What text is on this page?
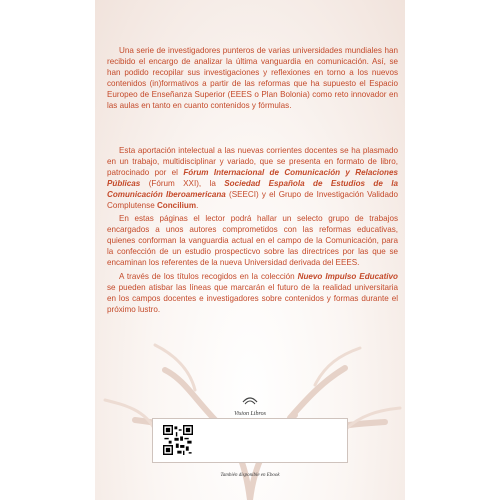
Una serie de investigadores punteros de varias universidades mundiales han recibido el encargo de analizar la última vanguardia en comunicación. Así, se han podido recopilar sus investigaciones y reflexiones en torno a los nuevos contenidos (in)formativos a partir de las reformas que ha supuesto el Espacio Europeo de Enseñanza Superior (EEES o Plan Bolonia) como reto innovador en las aulas en tanto en cuanto contenidos y fórmulas.
Esta aportación intelectual a las nuevas corrientes docentes se ha plasmado en un trabajo, multidisciplinar y variado, que se presenta en formato de libro, patrocinado por el Fórum Internacional de Comunicación y Relaciones Públicas (Fórum XXI), la Sociedad Española de Estudios de la Comunicación Iberoamericana (SEECI) y el Grupo de Investigación Validado Complutense Concilium.
En estas páginas el lector podrá hallar un selecto grupo de trabajos encargados a unos autores comprometidos con las reformas educativas, quienes conforman la vanguardia actual en el campo de la Comunicación, para la confección de un estudio prospecticvo sobre las directrices por las que se encaminan los referentes de la nueva Universidad derivada del EEES.
A través de los títulos recogidos en la colección Nuevo Impulso Educativo se pueden atisbar las líneas que marcarán el futuro de la realidad universitaria en los campos docentes e investigadores sobre contenidos y formas durante el próximo lustro.
Vision Libros
También disponible en Ebook
